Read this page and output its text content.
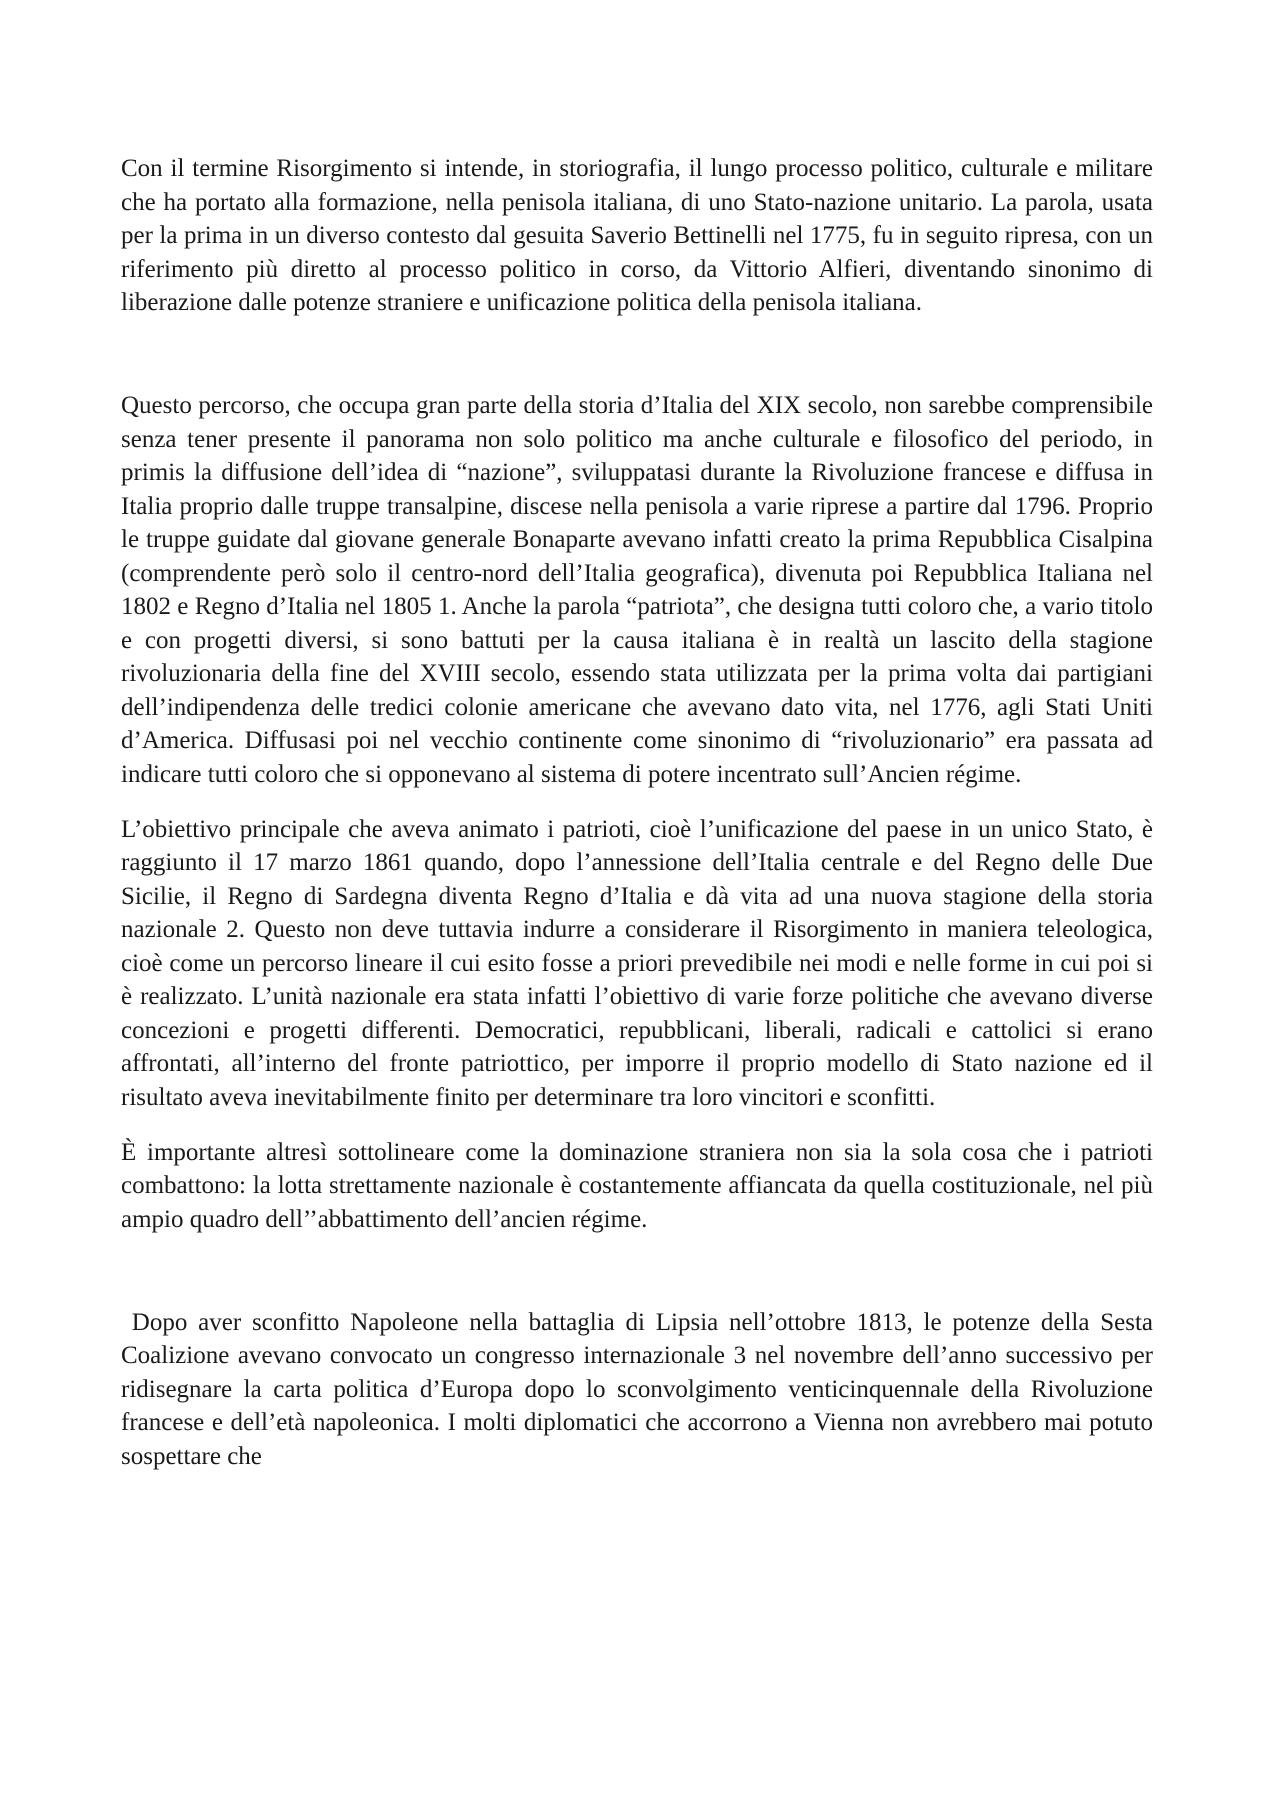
Con il termine Risorgimento si intende, in storiografia, il lungo processo politico, culturale e militare che ha portato alla formazione, nella penisola italiana, di uno Stato-nazione unitario. La parola, usata per la prima in un diverso contesto dal gesuita Saverio Bettinelli nel 1775, fu in seguito ripresa, con un riferimento più diretto al processo politico in corso, da Vittorio Alfieri, diventando sinonimo di liberazione dalle potenze straniere e unificazione politica della penisola italiana.

Questo percorso, che occupa gran parte della storia d’Italia del XIX secolo, non sarebbe comprensibile senza tener presente il panorama non solo politico ma anche culturale e filosofico del periodo, in primis la diffusione dell’idea di “nazione”, sviluppatasi durante la Rivoluzione francese e diffusa in Italia proprio dalle truppe transalpine, discese nella penisola a varie riprese a partire dal 1796. Proprio le truppe guidate dal giovane generale Bonaparte avevano infatti creato la prima Repubblica Cisalpina (comprendente però solo il centro-nord dell’Italia geografica), divenuta poi Repubblica Italiana nel 1802 e Regno d’Italia nel 1805 1. Anche la parola “patriota”, che designa tutti coloro che, a vario titolo e con progetti diversi, si sono battuti per la causa italiana è in realtà un lascito della stagione rivoluzionaria della fine del XVIII secolo, essendo stata utilizzata per la prima volta dai partigiani dell’indipendenza delle tredici colonie americane che avevano dato vita, nel 1776, agli Stati Uniti d’America. Diffusasi poi nel vecchio continente come sinonimo di “rivoluzionario” era passata ad indicare tutti coloro che si opponevano al sistema di potere incentrato sull’Ancien régime.

L’obiettivo principale che aveva animato i patrioti, cioè l’unificazione del paese in un unico Stato, è raggiunto il 17 marzo 1861 quando, dopo l’annessione dell’Italia centrale e del Regno delle Due Sicilie, il Regno di Sardegna diventa Regno d’Italia e dà vita ad una nuova stagione della storia nazionale 2. Questo non deve tuttavia indurre a considerare il Risorgimento in maniera teleologica, cioè come un percorso lineare il cui esito fosse a priori prevedibile nei modi e nelle forme in cui poi si è realizzato. L’unità nazionale era stata infatti l’obiettivo di varie forze politiche che avevano diverse concezioni e progetti differenti. Democratici, repubblicani, liberali, radicali e cattolici si erano affrontati, all’interno del fronte patriottico, per imporre il proprio modello di Stato nazione ed il risultato aveva inevitabilmente finito per determinare tra loro vincitori e sconfitti.

È importante altresì sottolineare come la dominazione straniera non sia la sola cosa che i patrioti combattono: la lotta strettamente nazionale è costantemente affiancata da quella costituzionale, nel più ampio quadro dell’’abbattimento dell’ancien régime.

Dopo aver sconfitto Napoleone nella battaglia di Lipsia nell’ottobre 1813, le potenze della Sesta Coalizione avevano convocato un congresso internazionale 3 nel novembre dell’anno successivo per ridisegnare la carta politica d’Europa dopo lo sconvolgimento venticinquennale della Rivoluzione francese e dell’età napoleonica. I molti diplomatici che accorrono a Vienna non avrebbero mai potuto sospettare che
